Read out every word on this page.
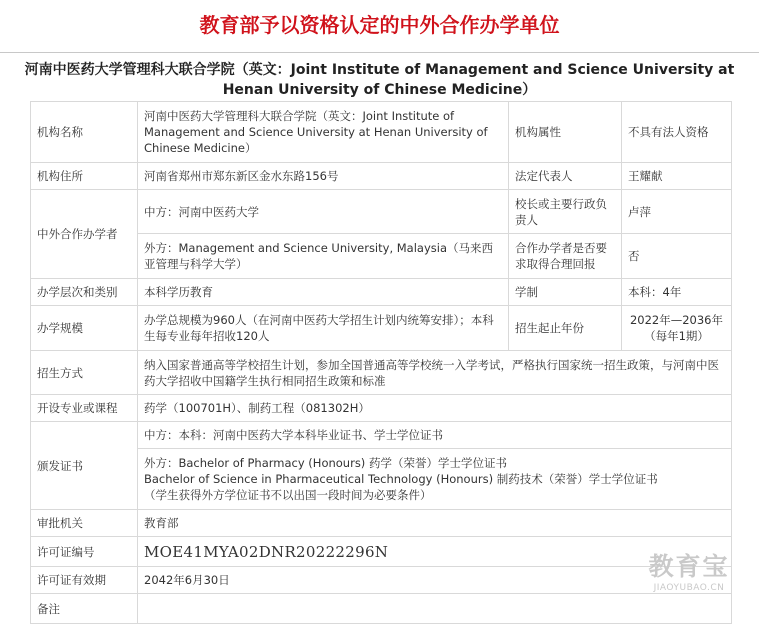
教育部予以资格认定的中外合作办学单位
河南中医药大学管理科大联合学院（英文：Joint Institute of Management and Science University at Henan University of Chinese Medicine）
机构名称	河南中医药大学管理科大联合学院（英文：Joint Institute of Management and Science University at Henan University of Chinese Medicine）	机构属性	不具有法人资格
机构住所	河南省郑州市郑东新区金水东路156号	法定代表人	王耀献
中外合作办学者	中方：河南中医药大学	校长或主要行政负责人	卢萍
	外方：Management and Science University, Malaysia（马来西亚管理与科学大学）	合作办学者是否要求取得合理回报	否
办学层次和类别	本科学历教育	学制	本科：4年
办学规模	办学总规模为960人（在河南中医药大学招生计划内统筹安排）；本科生每专业每年招收120人	招生起止年份	2022年—2036年（每年1期）
招生方式	纳入国家普通高等学校招生计划，参加全国普通高等学校统一入学考试，严格执行国家统一招生政策，与河南中医药大学招收中国籍学生执行相同招生政策和标准		
开设专业或课程	药学（100701H）、制药工程（081302H）		
颁发证书	中方：本科：河南中医药大学本科毕业证书、学士学位证书		

	外方：Bachelor of Pharmacy (Honours) 药学（荣誉）学士学位证书
Bachelor of Science in Pharmaceutical Technology (Honours) 制药技术（荣誉）学士学位证书
（学生获得外方学位证书不以出国一段时间为必要条件）		

审批机关	教育部		
许可证编号	MOE41MYA02DNR20222296N		
许可证有效期	2042年6月30日		
备注			
教育宝
JIAOYUBAO.CN
